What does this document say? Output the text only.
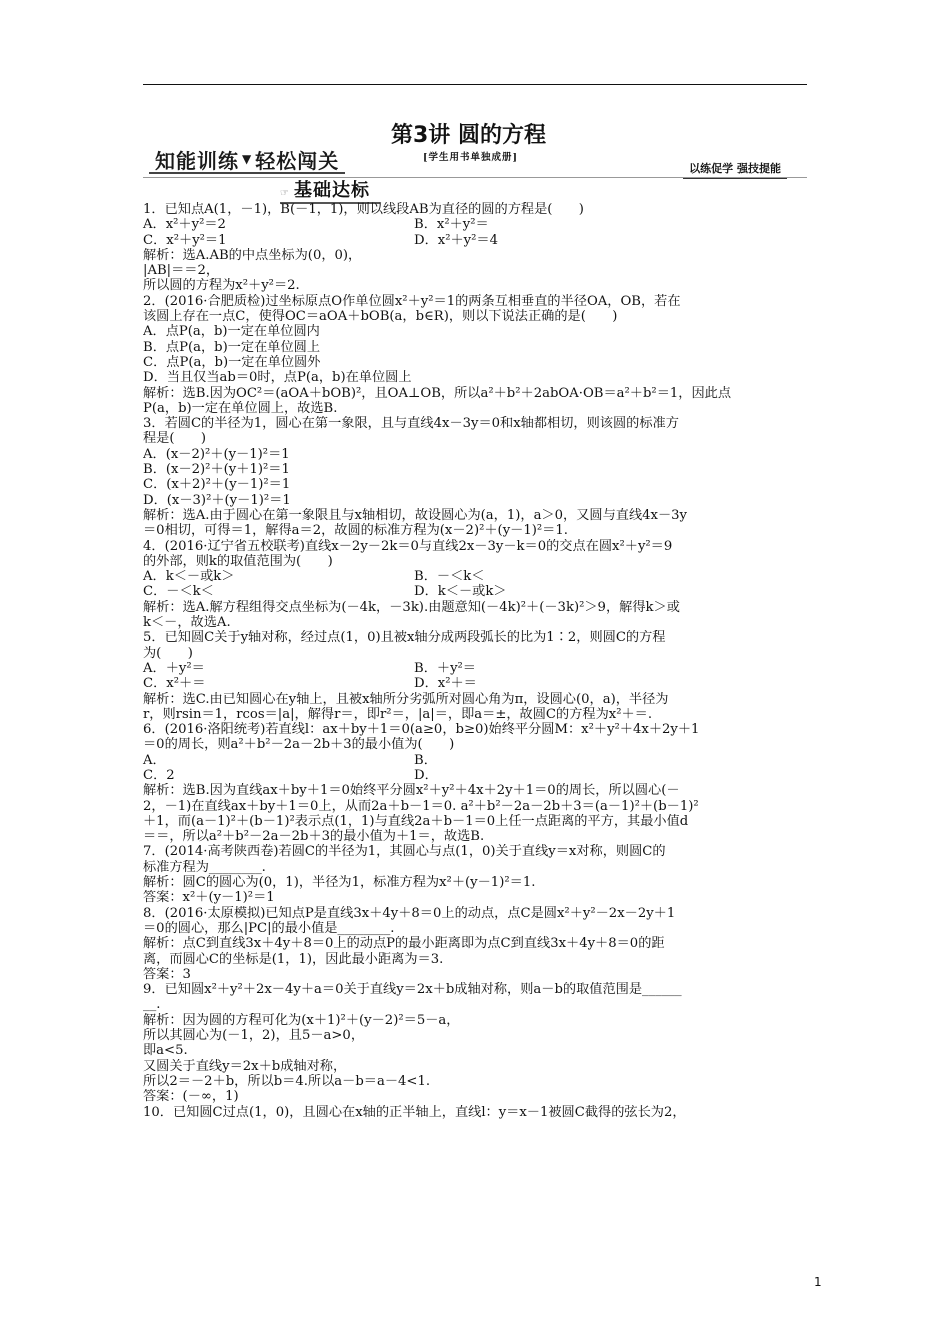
知能训练 ▼ 轻松闯关
第3讲 圆的方程
[学生用书单独成册]
以练促学 强技提能
☞ 基础达标
1．已知点A(1，－1)，B(－1，1)，则以线段AB为直径的圆的方程是(　　)
A．x²＋y²＝2	B．x²＋y²＝
C．x²＋y²＝1	D．x²＋y²＝4
解析：选A.AB的中点坐标为(0，0)，
|AB|＝＝2，
所以圆的方程为x²＋y²＝2.
2．(2016·合肥质检)过坐标原点O作单位圆x²＋y²＝1的两条互相垂直的半径OA，OB，若在
该圆上存在一点C，使得OC＝aOA＋bOB(a，b∈R)，则以下说法正确的是(　　)
A．点P(a，b)一定在单位圆内
B．点P(a，b)一定在单位圆上
C．点P(a，b)一定在单位圆外
D．当且仅当ab＝0时，点P(a，b)在单位圆上
解析：选B.因为OC²＝(aOA＋bOB)²，且OA⊥OB，所以a²＋b²＋2abOA·OB＝a²＋b²＝1，因此点
P(a，b)一定在单位圆上，故选B.
3．若圆C的半径为1，圆心在第一象限，且与直线4x－3y＝0和x轴都相切，则该圆的标准方
程是(　　)
A．(x－2)²＋(y－1)²＝1
B．(x－2)²＋(y＋1)²＝1
C．(x＋2)²＋(y－1)²＝1
D．(x－3)²＋(y－1)²＝1
解析：选A.由于圆心在第一象限且与x轴相切，故设圆心为(a，1)，a＞0，又圆与直线4x－3y
＝0相切，可得＝1，解得a＝2，故圆的标准方程为(x－2)²＋(y－1)²＝1.
4．(2016·辽宁省五校联考)直线x－2y－2k＝0与直线2x－3y－k＝0的交点在圆x²＋y²＝9
的外部，则k的取值范围为(　　)
A．k＜－或k＞	B．－＜k＜
C．－＜k＜	D．k＜－或k＞
解析：选A.解方程组得交点坐标为(－4k，－3k).由题意知(－4k)²＋(－3k)²＞9，解得k＞或
k＜－，故选A.
5．已知圆C关于y轴对称，经过点(1，0)且被x轴分成两段弧长的比为1∶2，则圆C的方程
为(　　)
A．＋y²＝	B．＋y²＝
C．x²＋＝	D．x²＋＝
解析：选C.由已知圆心在y轴上，且被x轴所分劣弧所对圆心角为π，设圆心(0，a)，半径为
r，则rsin＝1，rcos＝|a|，解得r＝，即r²＝，|a|＝，即a＝±，故圆C的方程为x²＋＝.
6．(2016·洛阳统考)若直线l：ax＋by＋1＝0(a≥0，b≥0)始终平分圆M：x²＋y²＋4x＋2y＋1
＝0的周长，则a²＋b²－2a－2b＋3的最小值为(　　)
A．	B．
C．2	D．
解析：选B.因为直线ax＋by＋1＝0始终平分圆x²＋y²＋4x＋2y＋1＝0的周长，所以圆心(－
2，－1)在直线ax＋by＋1＝0上，从而2a＋b－1＝0. a²＋b²－2a－2b＋3＝(a－1)²＋(b－1)²
＋1，而(a－1)²＋(b－1)²表示点(1，1)与直线2a＋b－1＝0上任一点距离的平方，其最小值d
＝＝，所以a²＋b²－2a－2b＋3的最小值为＋1＝，故选B.
7．(2014·高考陕西卷)若圆C的半径为1，其圆心与点(1，0)关于直线y＝x对称，则圆C的
标准方程为________.
解析：圆C的圆心为(0，1)，半径为1，标准方程为x²＋(y－1)²＝1.
答案：x²＋(y－1)²＝1
8．(2016·太原模拟)已知点P是直线3x＋4y＋8＝0上的动点，点C是圆x²＋y²－2x－2y＋1
＝0的圆心，那么|PC|的最小值是________.
解析：点C到直线3x＋4y＋8＝0上的动点P的最小距离即为点C到直线3x＋4y＋8＝0的距
离，而圆心C的坐标是(1，1)，因此最小距离为＝3.
答案：3
9．已知圆x²＋y²＋2x－4y＋a＝0关于直线y＝2x＋b成轴对称，则a－b的取值范围是______
__.
解析：因为圆的方程可化为(x＋1)²＋(y－2)²＝5－a，
所以其圆心为(－1，2)，且5－a>0，
即a<5.
又圆关于直线y＝2x＋b成轴对称，
所以2＝－2＋b，所以b＝4.所以a－b＝a－4<1.
答案：(－∞，1)
10．已知圆C过点(1，0)，且圆心在x轴的正半轴上，直线l：y＝x－1被圆C截得的弦长为2，
1
